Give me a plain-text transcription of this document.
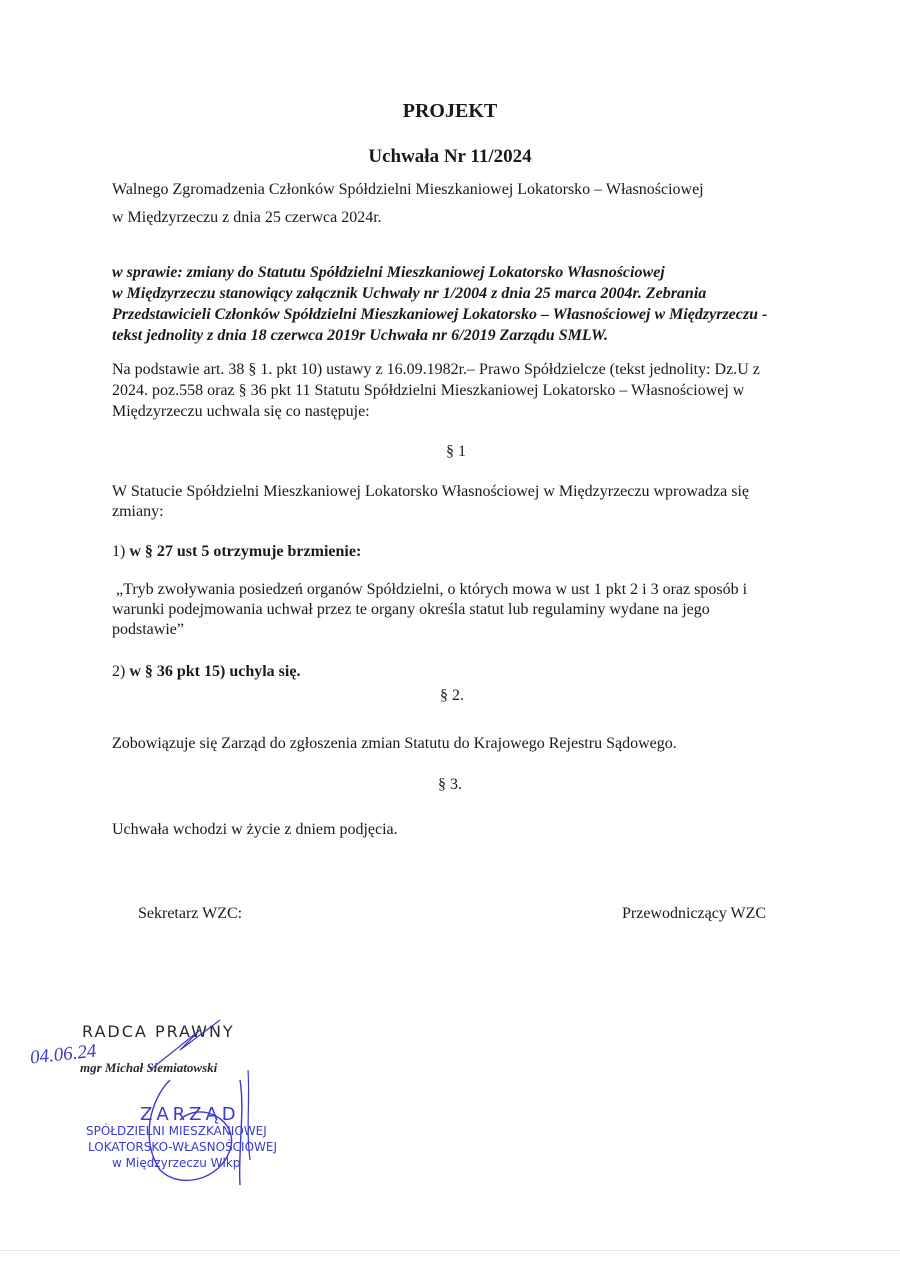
PROJEKT
Uchwała Nr 11/2024
Walnego Zgromadzenia Członków Spółdzielni Mieszkaniowej Lokatorsko – Własnościowej
w Międzyrzeczu z dnia 25 czerwca 2024r.
w sprawie: zmiany do Statutu Spółdzielni Mieszkaniowej Lokatorsko Własnościowej
w Międzyrzeczu stanowiący załącznik Uchwały nr 1/2004 z dnia 25 marca 2004r. Zebrania
Przedstawicieli Członków Spółdzielni Mieszkaniowej Lokatorsko – Własnościowej w Międzyrzeczu -
tekst jednolity z dnia 18 czerwca 2019r Uchwała nr 6/2019 Zarządu SMLW.
Na podstawie art. 38 § 1. pkt 10) ustawy z 16.09.1982r.– Prawo Spółdzielcze (tekst jednolity: Dz.U z
2024. poz.558 oraz § 36 pkt 11 Statutu Spółdzielni Mieszkaniowej Lokatorsko – Własnościowej w
Międzyrzeczu uchwala się co następuje:
§ 1
W Statucie Spółdzielni Mieszkaniowej Lokatorsko Własnościowej w Międzyrzeczu wprowadza się
zmiany:
1) w § 27 ust 5 otrzymuje brzmienie:
„Tryb zwoływania posiedzeń organów Spółdzielni, o których mowa w ust 1 pkt 2 i 3 oraz sposób i
warunki podejmowania uchwał przez te organy określa statut lub regulaminy wydane na jego
podstawie”
2) w § 36 pkt 15) uchyla się.
§ 2.
Zobowiązuje się Zarząd do zgłoszenia zmian Statutu do Krajowego Rejestru Sądowego.
§ 3.
Uchwała wchodzi w życie z dniem podjęcia.
Sekretarz WZC:	Przewodniczący WZC
RADCA PRAWNY
mgr Michał Siemiatowski
04.06.24
ZARZĄD
SPÓŁDZIELNI MIESZKANIOWEJ
LOKATORSKO-WŁASNOŚCIOWEJ
w Międzyrzeczu Wlkp
